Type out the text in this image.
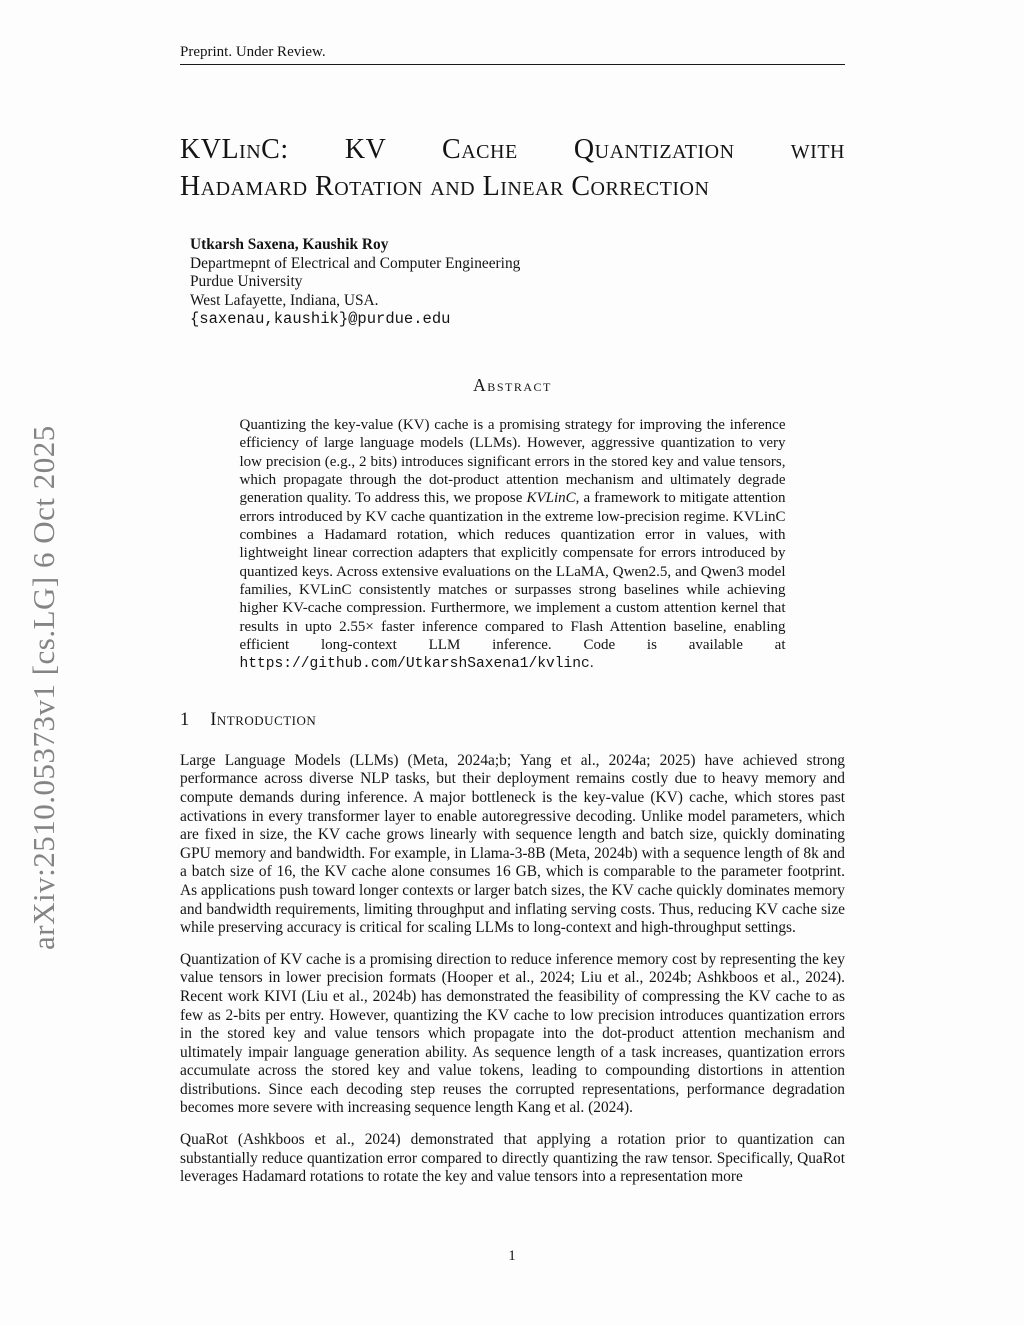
arXiv:2510.05373v1 [cs.LG] 6 Oct 2025
Preprint. Under Review.
KVLinC: KV Cache Quantization with
Hadamard Rotation and Linear Correction
Utkarsh Saxena, Kaushik Roy
Departmepnt of Electrical and Computer Engineering
Purdue University
West Lafayette, Indiana, USA.
{saxenau,kaushik}@purdue.edu
Abstract
Quantizing the key-value (KV) cache is a promising strategy for improving the inference efficiency of large language models (LLMs). However, aggressive quantization to very low precision (e.g., 2 bits) introduces significant errors in the stored key and value tensors, which propagate through the dot-product attention mechanism and ultimately degrade generation quality. To address this, we propose KVLinC, a framework to mitigate attention errors introduced by KV cache quantization in the extreme low-precision regime. KVLinC combines a Hadamard rotation, which reduces quantization error in values, with lightweight linear correction adapters that explicitly compensate for errors introduced by quantized keys. Across extensive evaluations on the LLaMA, Qwen2.5, and Qwen3 model families, KVLinC consistently matches or surpasses strong baselines while achieving higher KV-cache compression. Furthermore, we implement a custom attention kernel that results in upto 2.55× faster inference compared to Flash Attention baseline, enabling efficient long-context LLM inference. Code is available at https://github.com/UtkarshSaxena1/kvlinc.
1 Introduction

Large Language Models (LLMs) (Meta, 2024a;b; Yang et al., 2024a; 2025) have achieved strong performance across diverse NLP tasks, but their deployment remains costly due to heavy memory and compute demands during inference. A major bottleneck is the key-value (KV) cache, which stores past activations in every transformer layer to enable autoregressive decoding. Unlike model parameters, which are fixed in size, the KV cache grows linearly with sequence length and batch size, quickly dominating GPU memory and bandwidth. For example, in Llama-3-8B (Meta, 2024b) with a sequence length of 8k and a batch size of 16, the KV cache alone consumes 16 GB, which is comparable to the parameter footprint. As applications push toward longer contexts or larger batch sizes, the KV cache quickly dominates memory and bandwidth requirements, limiting throughput and inflating serving costs. Thus, reducing KV cache size while preserving accuracy is critical for scaling LLMs to long-context and high-throughput settings.

Quantization of KV cache is a promising direction to reduce inference memory cost by representing the key value tensors in lower precision formats (Hooper et al., 2024; Liu et al., 2024b; Ashkboos et al., 2024). Recent work KIVI (Liu et al., 2024b) has demonstrated the feasibility of compressing the KV cache to as few as 2-bits per entry. However, quantizing the KV cache to low precision introduces quantization errors in the stored key and value tensors which propagate into the dot-product attention mechanism and ultimately impair language generation ability. As sequence length of a task increases, quantization errors accumulate across the stored key and value tokens, leading to compounding distortions in attention distributions. Since each decoding step reuses the corrupted representations, performance degradation becomes more severe with increasing sequence length Kang et al. (2024).

QuaRot (Ashkboos et al., 2024) demonstrated that applying a rotation prior to quantization can substantially reduce quantization error compared to directly quantizing the raw tensor. Specifically, QuaRot leverages Hadamard rotations to rotate the key and value tensors into a representation more

1
